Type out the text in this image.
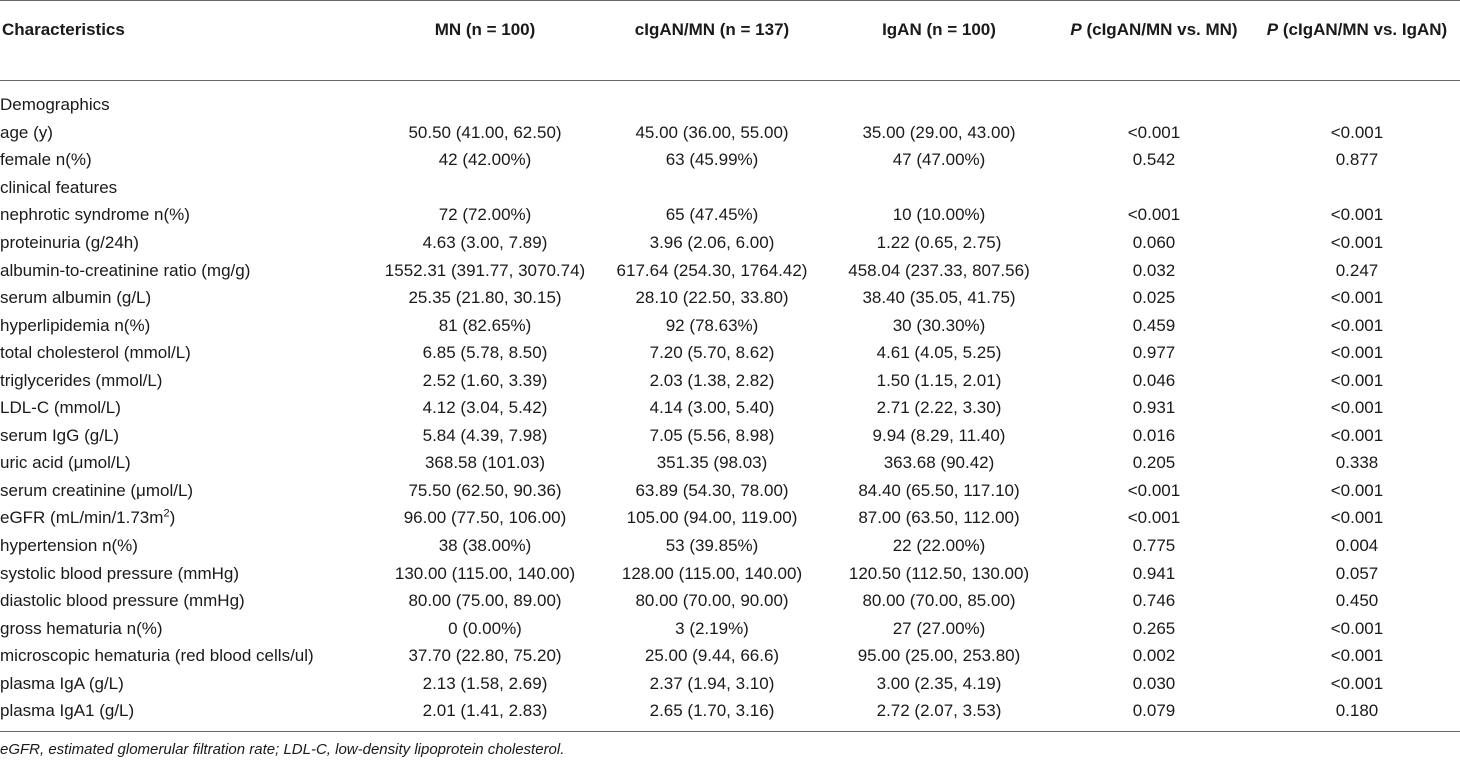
Characteristics	MN (n = 100)	cIgAN/MN (n = 137)	IgAN (n = 100)	P (cIgAN/MN vs. MN)	P (cIgAN/MN vs. IgAN)
Demographics					
age (y)	50.50 (41.00, 62.50)	45.00 (36.00, 55.00)	35.00 (29.00, 43.00)	<0.001	<0.001
female n(%)	42 (42.00%)	63 (45.99%)	47 (47.00%)	0.542	0.877
clinical features					
nephrotic syndrome n(%)	72 (72.00%)	65 (47.45%)	10 (10.00%)	<0.001	<0.001
proteinuria (g/24h)	4.63 (3.00, 7.89)	3.96 (2.06, 6.00)	1.22 (0.65, 2.75)	0.060	<0.001
albumin-to-creatinine ratio (mg/g)	1552.31 (391.77, 3070.74)	617.64 (254.30, 1764.42)	458.04 (237.33, 807.56)	0.032	0.247
serum albumin (g/L)	25.35 (21.80, 30.15)	28.10 (22.50, 33.80)	38.40 (35.05, 41.75)	0.025	<0.001
hyperlipidemia n(%)	81 (82.65%)	92 (78.63%)	30 (30.30%)	0.459	<0.001
total cholesterol (mmol/L)	6.85 (5.78, 8.50)	7.20 (5.70, 8.62)	4.61 (4.05, 5.25)	0.977	<0.001
triglycerides (mmol/L)	2.52 (1.60, 3.39)	2.03 (1.38, 2.82)	1.50 (1.15, 2.01)	0.046	<0.001
LDL-C (mmol/L)	4.12 (3.04, 5.42)	4.14 (3.00, 5.40)	2.71 (2.22, 3.30)	0.931	<0.001
serum IgG (g/L)	5.84 (4.39, 7.98)	7.05 (5.56, 8.98)	9.94 (8.29, 11.40)	0.016	<0.001
uric acid (μmol/L)	368.58 (101.03)	351.35 (98.03)	363.68 (90.42)	0.205	0.338
serum creatinine (μmol/L)	75.50 (62.50, 90.36)	63.89 (54.30, 78.00)	84.40 (65.50, 117.10)	<0.001	<0.001
eGFR $(mL/\min/1.73m^2)$	96.00 (77.50, 106.00)	105.00 (94.00, 119.00)	87.00 (63.50, 112.00)	<0.001	<0.001
hypertension n(%)	38 (38.00%)	53 (39.85%)	22 (22.00%)	0.775	0.004
systolic blood pressure (mmHg)	130.00 (115.00, 140.00)	128.00 (115.00, 140.00)	120.50 (112.50, 130.00)	0.941	0.057
diastolic blood pressure (mmHg)	80.00 (75.00, 89.00)	80.00 (70.00, 90.00)	80.00 (70.00, 85.00)	0.746	0.450
gross hematuria n(%)	0 (0.00%)	3 (2.19%)	27 (27.00%)	0.265	<0.001
microscopic hematuria (red blood cells/ul)	37.70 (22.80, 75.20)	25.00 (9.44, 66.6)	95.00 (25.00, 253.80)	0.002	<0.001
plasma IgA (g/L)	2.13 (1.58, 2.69)	2.37 (1.94, 3.10)	3.00 (2.35, 4.19)	0.030	<0.001
plasma IgA1 (g/L)	2.01 (1.41, 2.83)	2.65 (1.70, 3.16)	2.72 (2.07, 3.53)	0.079	0.180
eGFR, estimated glomerular filtration rate; LDL-C, low-density lipoprotein cholesterol.
